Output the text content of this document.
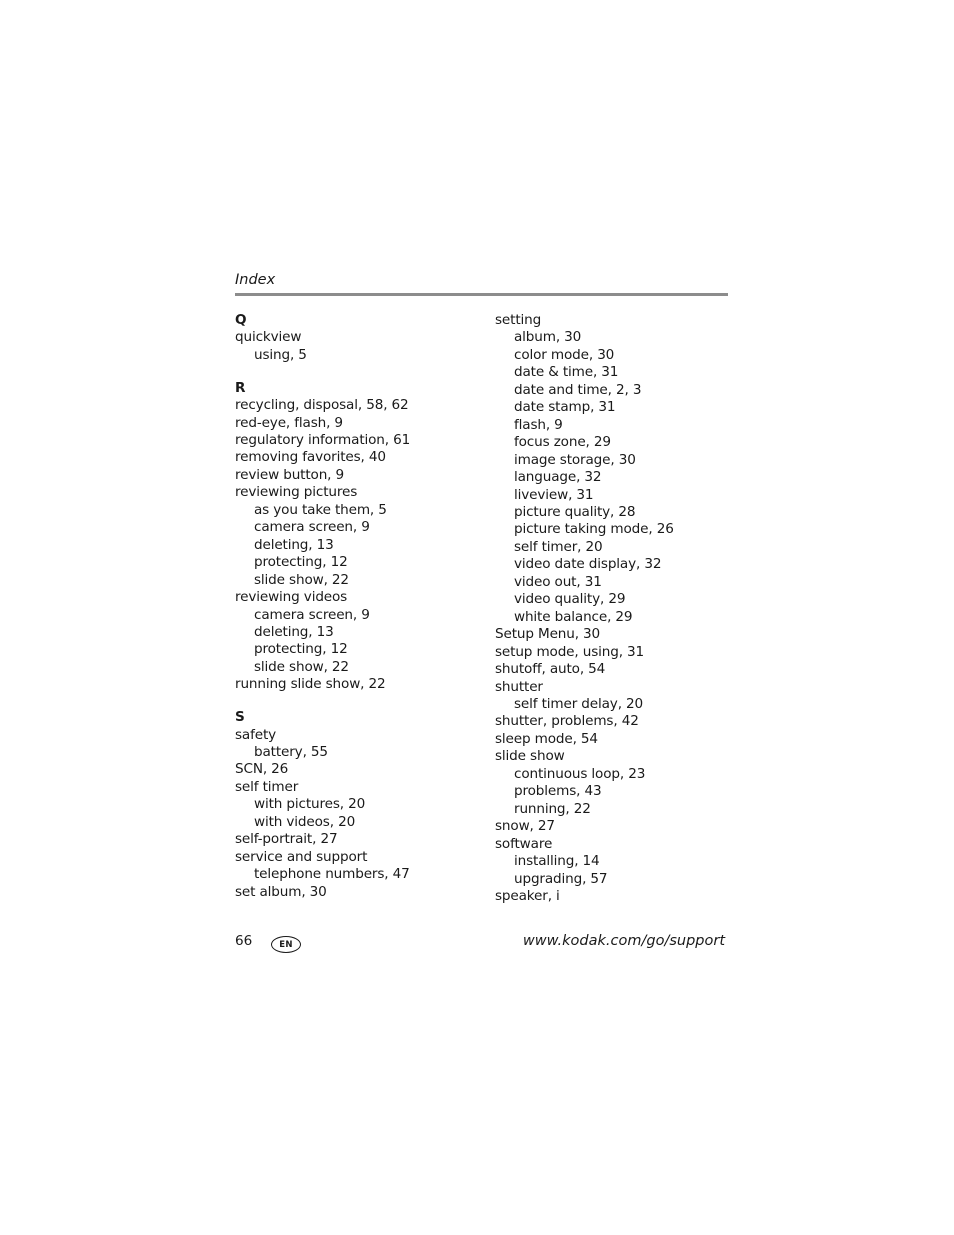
Index
Q
quickview
using, 5
R
recycling, disposal, 58, 62
red-eye, flash, 9
regulatory information, 61
removing favorites, 40
review button, 9
reviewing pictures
as you take them, 5
camera screen, 9
deleting, 13
protecting, 12
slide show, 22
reviewing videos
camera screen, 9
deleting, 13
protecting, 12
slide show, 22
running slide show, 22
S
safety
battery, 55
SCN, 26
self timer
with pictures, 20
with videos, 20
self-portrait, 27
service and support
telephone numbers, 47
set album, 30
setting
album, 30
color mode, 30
date & time, 31
date and time, 2, 3
date stamp, 31
flash, 9
focus zone, 29
image storage, 30
language, 32
liveview, 31
picture quality, 28
picture taking mode, 26
self timer, 20
video date display, 32
video out, 31
video quality, 29
white balance, 29
Setup Menu, 30
setup mode, using, 31
shutoff, auto, 54
shutter
self timer delay, 20
shutter, problems, 42
sleep mode, 54
slide show
continuous loop, 23
problems, 43
running, 22
snow, 27
software
installing, 14
upgrading, 57
speaker, i
66	EN	www.kodak.com/go/support
